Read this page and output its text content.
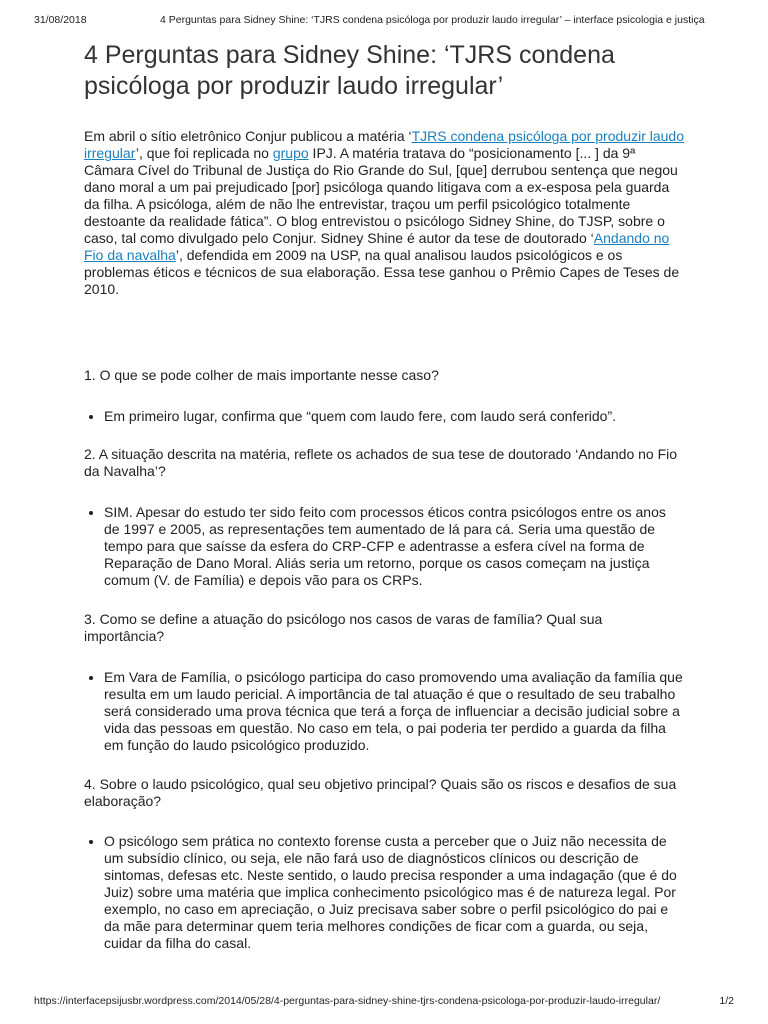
31/08/2018	4 Perguntas para Sidney Shine: ‘TJRS condena psicóloga por produzir laudo irregular’ – interface psicologia e justiça
4 Perguntas para Sidney Shine: ‘TJRS condena psicóloga por produzir laudo irregular’

Em abril o sítio eletrônico Conjur publicou a matéria ‘TJRS condena psicóloga por produzir laudo irregular’, que foi replicada no grupo IPJ. A matéria tratava do “posicionamento [... ] da 9ª Câmara Cível do Tribunal de Justiça do Rio Grande do Sul, [que] derrubou sentença que negou dano moral a um pai prejudicado [por] psicóloga quando litigava com a ex-esposa pela guarda da filha. A psicóloga, além de não lhe entrevistar, traçou um perfil psicológico totalmente destoante da realidade fática”. O blog entrevistou o psicólogo Sidney Shine, do TJSP, sobre o caso, tal como divulgado pelo Conjur. Sidney Shine é autor da tese de doutorado ‘Andando no Fio da navalha’, defendida em 2009 na USP, na qual analisou laudos psicológicos e os problemas éticos e técnicos de sua elaboração. Essa tese ganhou o Prêmio Capes de Teses de 2010.

1. O que se pode colher de mais importante nesse caso?

• Em primeiro lugar, confirma que “quem com laudo fere, com laudo será conferido”.

2. A situação descrita na matéria, reflete os achados de sua tese de doutorado ‘Andando no Fio da Navalha’?

• SIM. Apesar do estudo ter sido feito com processos éticos contra psicólogos entre os anos de 1997 e 2005, as representações tem aumentado de lá para cá. Seria uma questão de tempo para que saísse da esfera do CRP-CFP e adentrasse a esfera cível na forma de Reparação de Dano Moral. Aliás seria um retorno, porque os casos começam na justiça comum (V. de Família) e depois vão para os CRPs.

3. Como se define a atuação do psicólogo nos casos de varas de família? Qual sua importância?

• Em Vara de Família, o psicólogo participa do caso promovendo uma avaliação da família que resulta em um laudo pericial. A importância de tal atuação é que o resultado de seu trabalho será considerado uma prova técnica que terá a força de influenciar a decisão judicial sobre a vida das pessoas em questão. No caso em tela, o pai poderia ter perdido a guarda da filha em função do laudo psicológico produzido.

4. Sobre o laudo psicológico, qual seu objetivo principal? Quais são os riscos e desafios de sua elaboração?

• O psicólogo sem prática no contexto forense custa a perceber que o Juiz não necessita de um subsídio clínico, ou seja, ele não fará uso de diagnósticos clínicos ou descrição de sintomas, defesas etc. Neste sentido, o laudo precisa responder a uma indagação (que é do Juiz) sobre uma matéria que implica conhecimento psicológico mas é de natureza legal. Por exemplo, no caso em apreciação, o Juiz precisava saber sobre o perfil psicológico do pai e da mãe para determinar quem teria melhores condições de ficar com a guarda, ou seja, cuidar da filha do casal.
https://interfacepsijusbr.wordpress.com/2014/05/28/4-perguntas-para-sidney-shine-tjrs-condena-psicologa-por-produzir-laudo-irregular/	1/2
